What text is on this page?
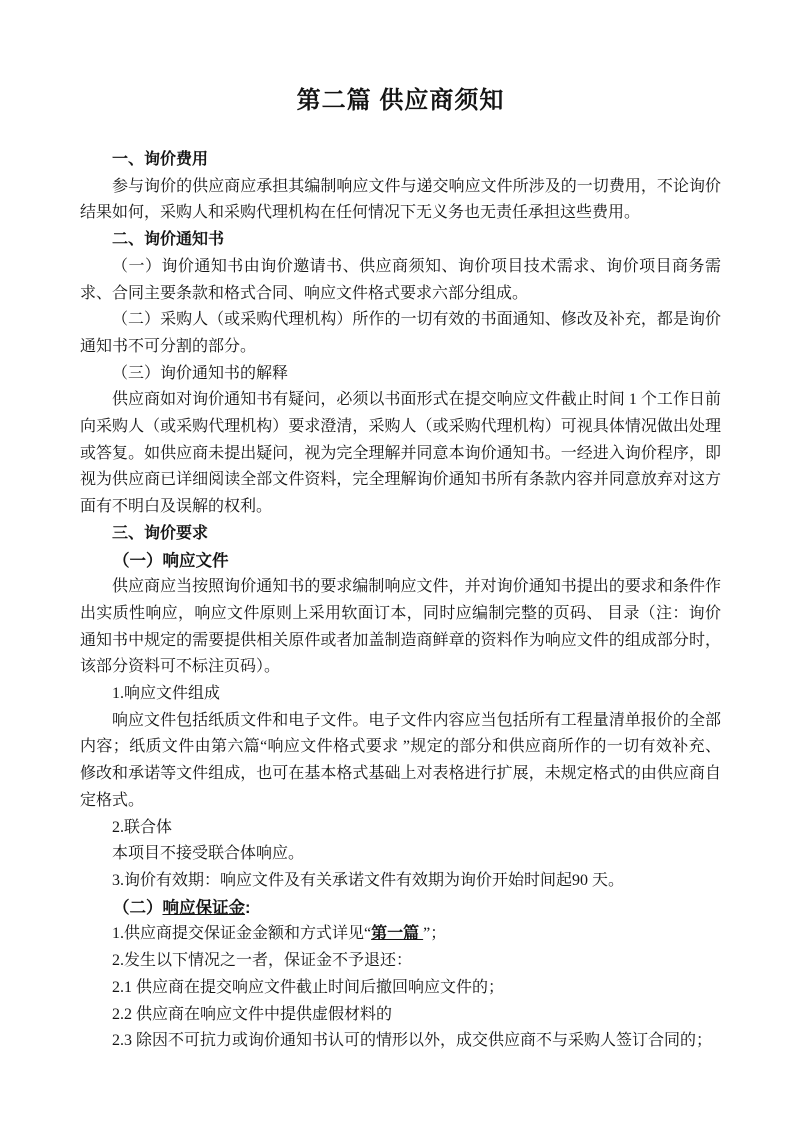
第二篇 供应商须知

一、询价费用

参与询价的供应商应承担其编制响应文件与递交响应文件所涉及的一切费用，不论询价结果如何，采购人和采购代理机构在任何情况下无义务也无责任承担这些费用。

二、询价通知书

（一）询价通知书由询价邀请书、供应商须知、询价项目技术需求、询价项目商务需求、合同主要条款和格式合同、响应文件格式要求六部分组成。

（二）采购人（或采购代理机构）所作的一切有效的书面通知、修改及补充，都是询价通知书不可分割的部分。

（三）询价通知书的解释

供应商如对询价通知书有疑问，必须以书面形式在提交响应文件截止时间 1 个工作日前向采购人（或采购代理机构）要求澄清，采购人（或采购代理机构）可视具体情况做出处理或答复。如供应商未提出疑问，视为完全理解并同意本询价通知书。一经进入询价程序，即视为供应商已详细阅读全部文件资料，完全理解询价通知书所有条款内容并同意放弃对这方面有不明白及误解的权利。

三、询价要求

（一）响应文件

供应商应当按照询价通知书的要求编制响应文件，并对询价通知书提出的要求和条件作出实质性响应，响应文件原则上采用软面订本，同时应编制完整的页码、 目录（注：询价通知书中规定的需要提供相关原件或者加盖制造商鲜章的资料作为响应文件的组成部分时，该部分资料可不标注页码）。

1.响应文件组成

响应文件包括纸质文件和电子文件。电子文件内容应当包括所有工程量清单报价的全部内容；纸质文件由第六篇“响应文件格式要求 ”规定的部分和供应商所作的一切有效补充、修改和承诺等文件组成，也可在基本格式基础上对表格进行扩展，未规定格式的由供应商自定格式。

2.联合体

本项目不接受联合体响应。

3.询价有效期：响应文件及有关承诺文件有效期为询价开始时间起90 天。

（二）响应保证金:

1.供应商提交保证金金额和方式详见“第一篇 ”；

2.发生以下情况之一者，保证金不予退还：

2.1 供应商在提交响应文件截止时间后撤回响应文件的；

2.2 供应商在响应文件中提供虚假材料的

2.3 除因不可抗力或询价通知书认可的情形以外，成交供应商不与采购人签订合同的；
